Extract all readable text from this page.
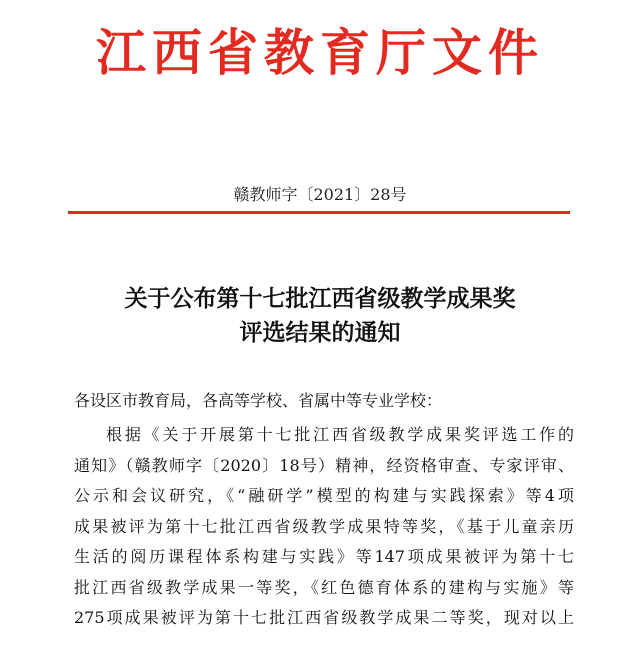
江西省教育厅文件
赣教师字〔2021〕28号
关于公布第十七批江西省级教学成果奖
评选结果的通知
各设区市教育局，各高等学校、省属中等专业学校：
根据《关于开展第十七批江西省级教学成果奖评选工作的
通知》（赣教师字〔2020〕18号）精神，经资格审查、专家评审、
公示和会议研究，《“融研学”模型的构建与实践探索》等4项
成果被评为第十七批江西省级教学成果特等奖，《基于儿童亲历
生活的阅历课程体系构建与实践》等147项成果被评为第十七
批江西省级教学成果一等奖，《红色德育体系的建构与实施》等
275项成果被评为第十七批江西省级教学成果二等奖，现对以上
